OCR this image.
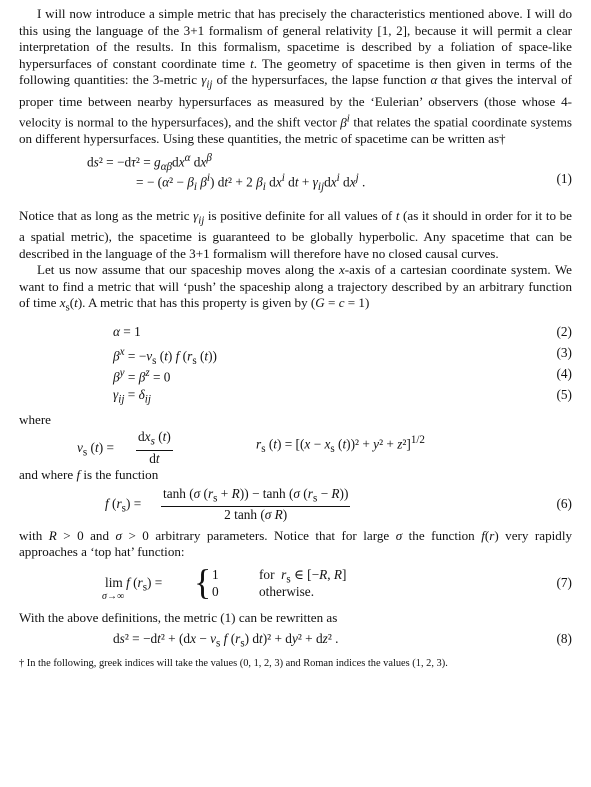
I will now introduce a simple metric that has precisely the characteristics mentioned above. I will do this using the language of the 3+1 formalism of general relativity [1, 2], because it will permit a clear interpretation of the results. In this formalism, spacetime is described by a foliation of space-like hypersurfaces of constant coordinate time t. The geometry of spacetime is then given in terms of the following quantities: the 3-metric $\gamma_{ij}$ of the hypersurfaces, the lapse function α that gives the interval of proper time between nearby hypersurfaces as measured by the ‘Eulerian’ observers (those whose 4-velocity is normal to the hypersurfaces), and the shift vector $\beta^i$ that relates the spatial coordinate systems on different hypersurfaces. Using these quantities, the metric of spacetime can be written as†

$ds^2 = -d\tau^2 = g_{\alpha\beta}dx^\alpha$ $dx^\beta$
= − ($\alpha^2 - \beta_i$ $\beta^i$) dt² + 2 $\beta_i$ $dx^i$ dt + $\gamma_{ij}dx^i$ $dx^j$ .	(1)

Notice that as long as the metric $\gamma_{ij}$ is positive definite for all values of t (as it should in order for it to be a spatial metric), the spacetime is guaranteed to be globally hyperbolic. Any spacetime that can be described in the language of the 3+1 formalism will therefore have no closed causal curves.

Let us now assume that our spaceship moves along the x-axis of a cartesian coordinate system. We want to find a metric that will ‘push’ the spaceship along a trajectory described by an arbitrary function of time $x_s(t)$. A metric that has this property is given by (G = c = 1)

α = 1	(2)
$\beta^x = -v_s$ (t) f ($r_s$ (t))	(3)
$\beta^y = \beta^z = 0$	(4)
$\gamma_{ij} = \delta_{ij}$	(5)

where

$v_s$ (t) =
$dx_s$ (t)
dt
$r_s$ $(t) = [(x - x_s$ (t))² + y² + z²]$^{1/2}$

and where f is the function

f $(r_s) = \frac{\tanh (\sigma (r_s + R)) - \tanh (\sigma (r_s - R))}{\text{2 tanh (σ R)}}$	(6)

with R > 0 and σ > 0 arbitrary parameters. Notice that for large σ the function f(r) very rapidly approaches a ‘top hat’ function:

lim f $(r_s)$ =
σ→∞ { 1	for  $r_s$ ∈ [−R, R]
0	otherwise.
(7)

With the above definitions, the metric (1) can be rewritten as

$ds^2 = -dt^2 + (dx - v_s$ f $(r_s) dt)^2 + dy^2 + dz^2$ .	(8)

† In the following, greek indices will take the values (0, 1, 2, 3) and Roman indices the values (1, 2, 3).
